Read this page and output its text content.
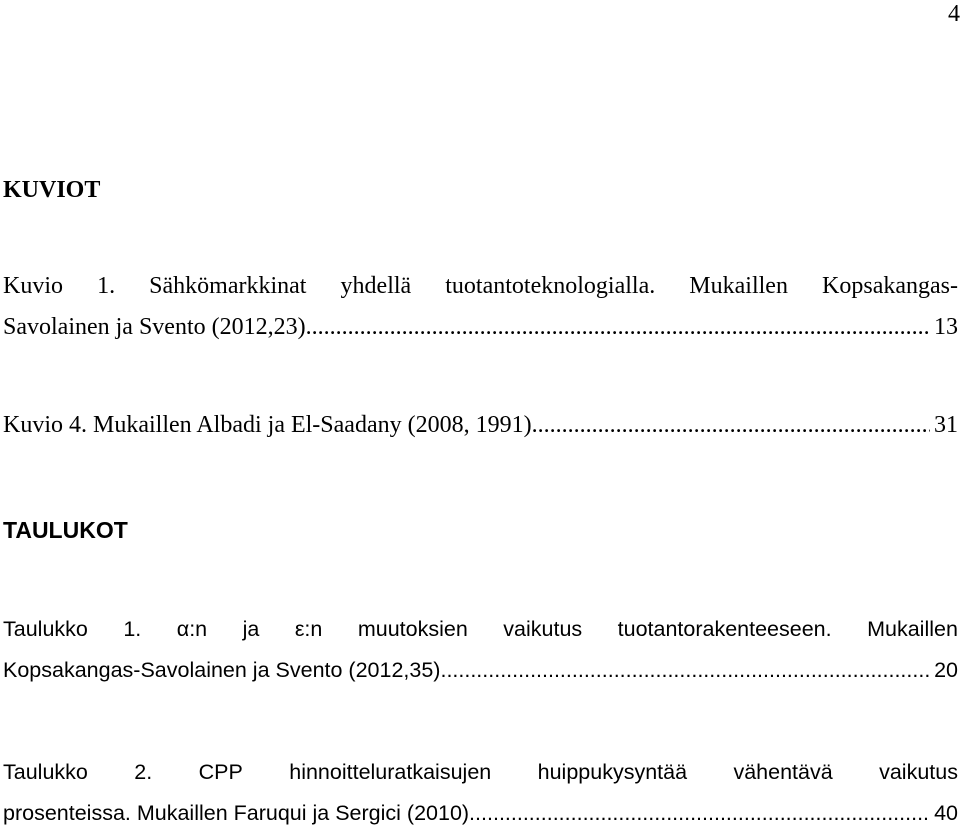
4
KUVIOT
Kuvio 1. Sähkömarkkinat yhdellä tuotantoteknologialla. Mukaillen Kopsakangas-
Savolainen ja Svento (2012,23). .....	13
Kuvio 4. Mukaillen Albadi ja El-Saadany (2008, 1991) .....	31
TAULUKOT
Taulukko 1. α:n ja ε:n muutoksien vaikutus tuotantorakenteeseen. Mukaillen
Kopsakangas-Savolainen ja Svento (2012,35) .....	20
Taulukko 2. CPP hinnoitteluratkaisujen huippukysyntää vähentävä vaikutus
prosenteissa. Mukaillen Faruqui ja Sergici (2010). .....	40
